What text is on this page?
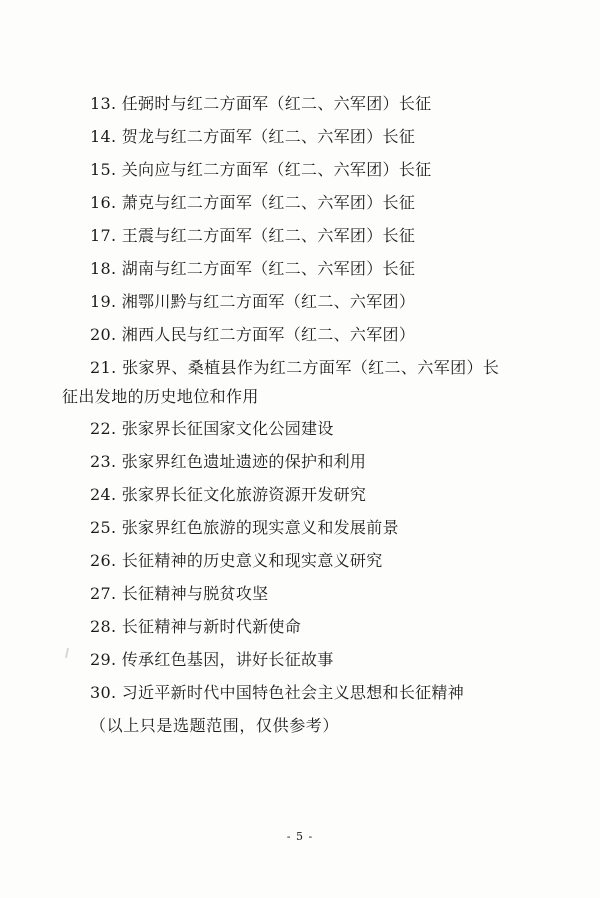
13. 任弼时与红二方面军（红二、六军团）长征
14. 贺龙与红二方面军（红二、六军团）长征
15. 关向应与红二方面军（红二、六军团）长征
16. 萧克与红二方面军（红二、六军团）长征
17. 王震与红二方面军（红二、六军团）长征
18. 湖南与红二方面军（红二、六军团）长征
19. 湘鄂川黔与红二方面军（红二、六军团）
20. 湘西人民与红二方面军（红二、六军团）
21. 张家界、桑植县作为红二方面军（红二、六军团）长
征出发地的历史地位和作用
22. 张家界长征国家文化公园建设
23. 张家界红色遗址遗迹的保护和利用
24. 张家界长征文化旅游资源开发研究
25. 张家界红色旅游的现实意义和发展前景
26. 长征精神的历史意义和现实意义研究
27. 长征精神与脱贫攻坚
28. 长征精神与新时代新使命
29. 传承红色基因，讲好长征故事
30. 习近平新时代中国特色社会主义思想和长征精神
（以上只是选题范围，仅供参考）
- 5 -
